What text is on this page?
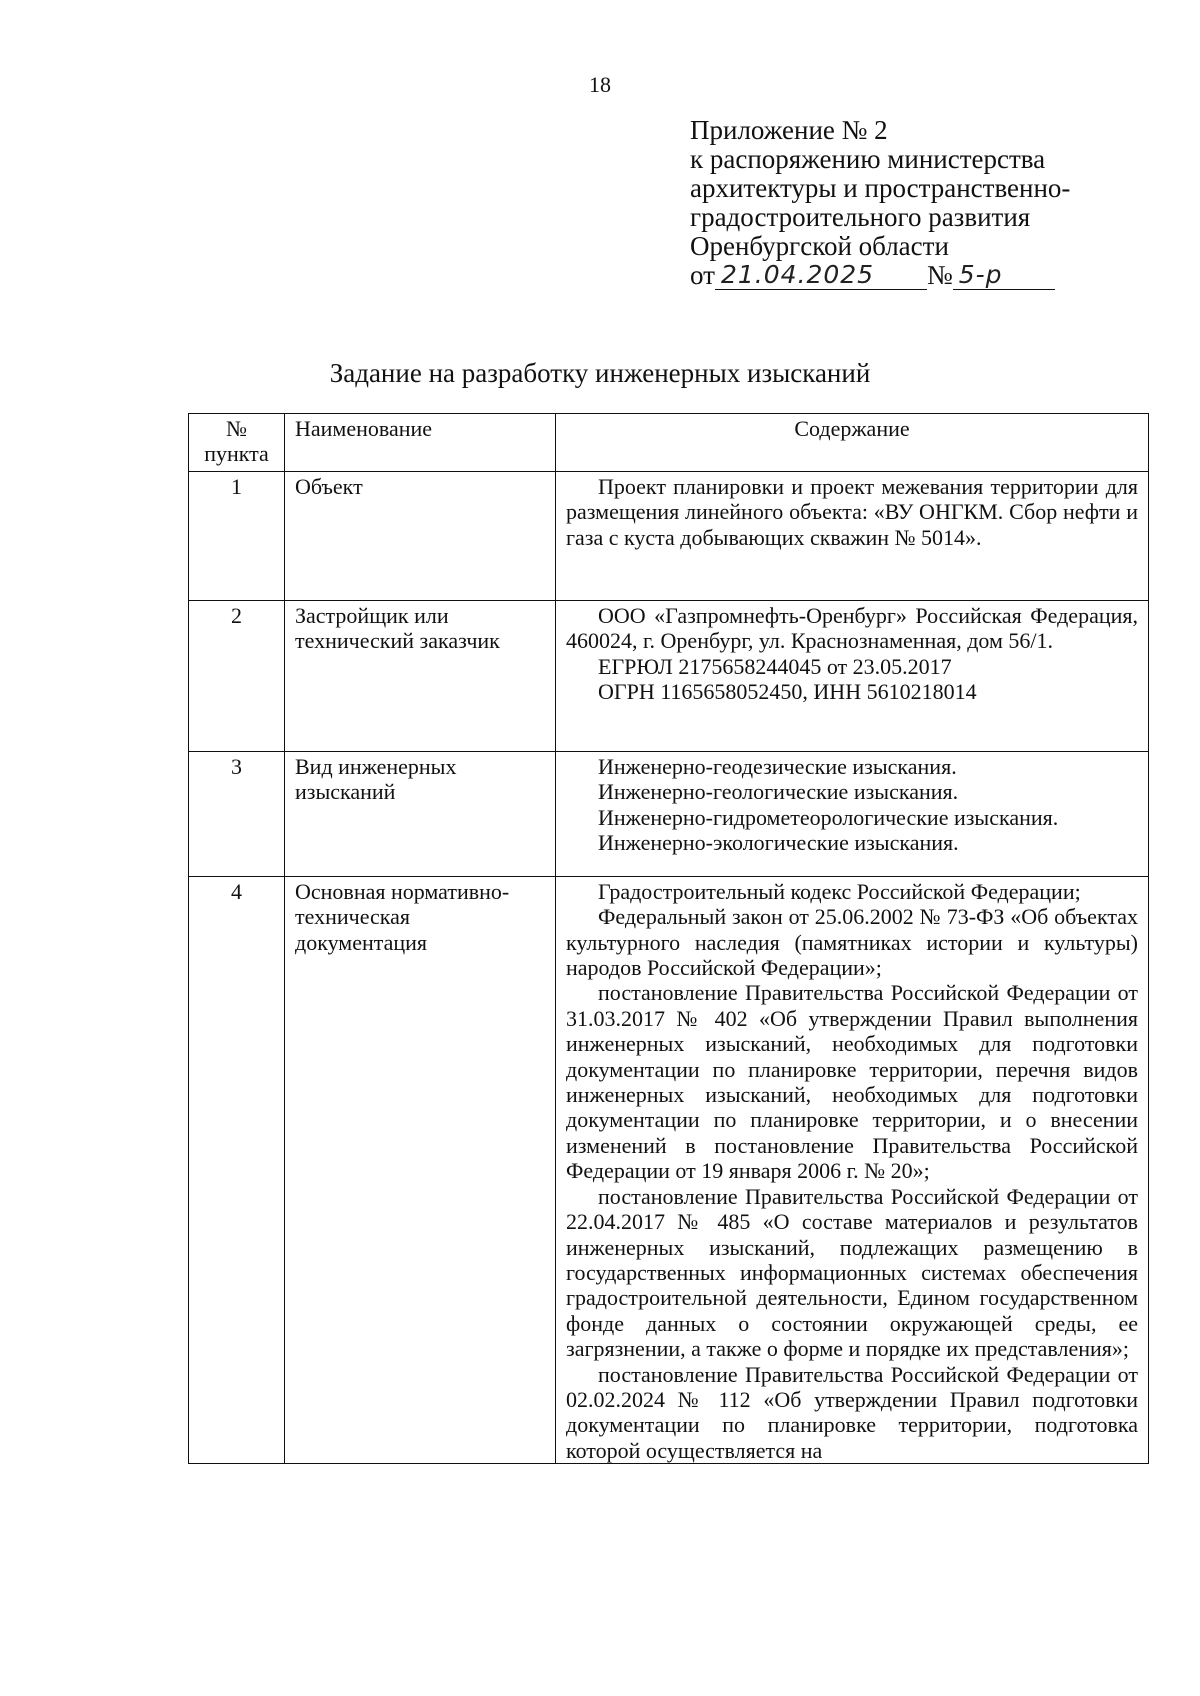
18
Приложение № 2
к распоряжению министерства
архитектуры и пространственно-
градостроительного развития
Оренбургской области
от 21.04.2025	№ 5-р
Задание на разработку инженерных изысканий
№ пункта	Наименование	Содержание
1	Объект	Проект планировки и проект межевания территории для размещения линейного объекта: «ВУ ОНГКМ. Сбор нефти и газа с куста добывающих скважин № 5014».

2	Застройщик или технический заказчик	ООО «Газпромнефть-Оренбург» Российская Федерация, 460024, г. Оренбург, ул. Краснознаменная, дом 56/1.
ЕГРЮЛ 2175658244045 от 23.05.2017
ОГРН 1165658052450, ИНН 5610218014

3	Вид инженерных изысканий	Инженерно-геодезические изыскания.
Инженерно-геологические изыскания.
Инженерно-гидрометеорологические изыскания.
Инженерно-экологические изыскания.

4	Основная нормативно-техническая документация	Градостроительный кодекс Российской Федерации;
Федеральный закон от 25.06.2002 № 73-ФЗ «Об объектах культурного наследия (памятниках истории и культуры) народов Российской Федерации»;
постановление Правительства Российской Федерации от 31.03.2017 № 402 «Об утверждении Правил выполнения инженерных изысканий, необходимых для подготовки документации по планировке территории, перечня видов инженерных изысканий, необходимых для подготовки документации по планировке территории, и о внесении изменений в постановление Правительства Российской Федерации от 19 января 2006 г. № 20»;
постановление Правительства Российской Федерации от 22.04.2017 № 485 «О составе материалов и результатов инженерных изысканий, подлежащих размещению в государственных информационных системах обеспечения градостроительной деятельности, Едином государственном фонде данных о состоянии окружающей среды, ее загрязнении, а также о форме и порядке их представления»;
постановление Правительства Российской Федерации от 02.02.2024 № 112 «Об утверждении Правил подготовки документации по планировке территории, подготовка которой осуществляется на
